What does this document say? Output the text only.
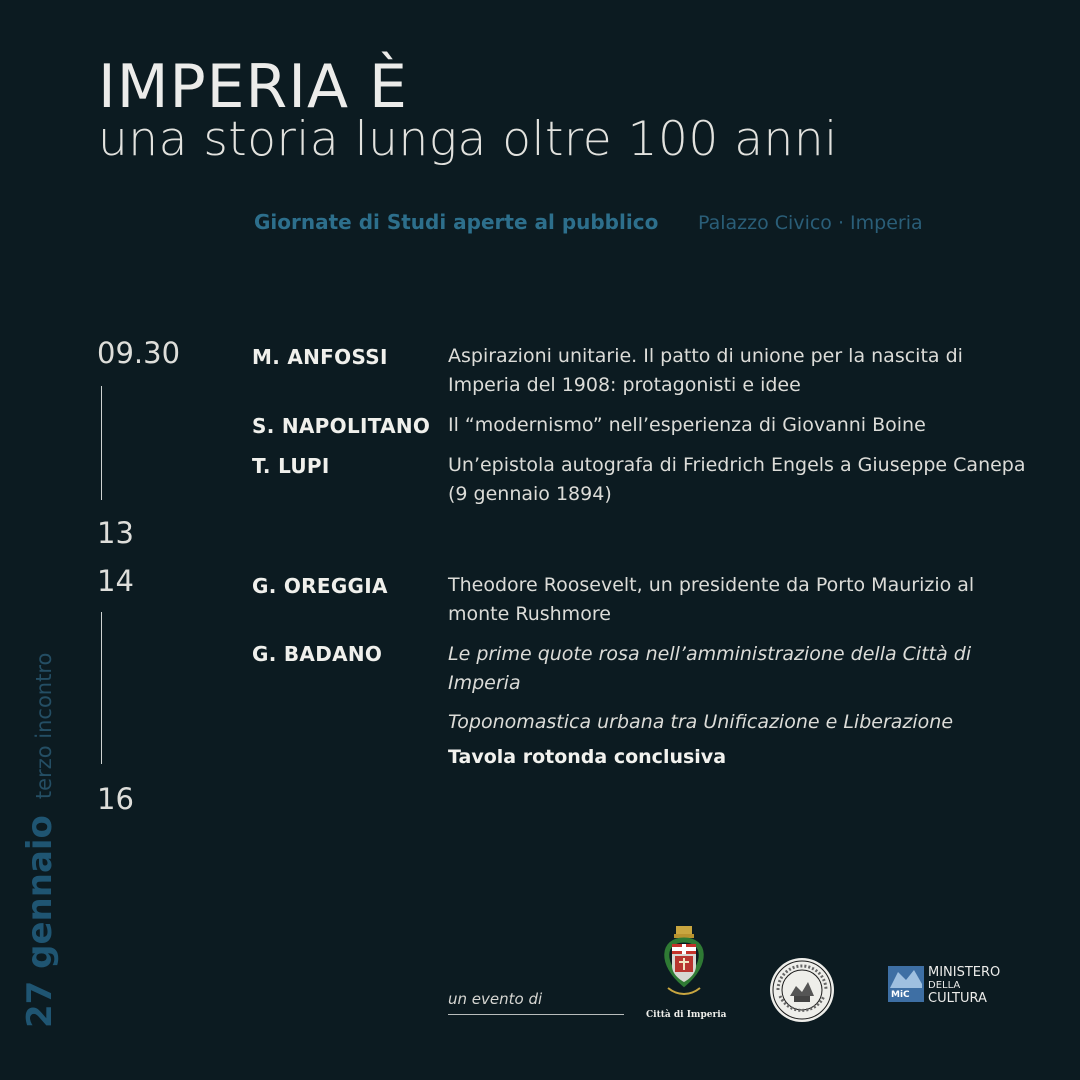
IMPERIA È
una storia lunga oltre 100 anni
Giornate di Studi aperte al pubblico Palazzo Civico · Imperia
09.30
13
14
16
M. ANFOSSI	Aspirazioni unitarie. Il patto di unione per la nascita di Imperia del 1908: protagonisti e idee
S. NAPOLITANO Il “modernismo” nell’esperienza di Giovanni Boine
T. LUPI	Un’epistola autografa di Friedrich Engels a Giuseppe Canepa (9 gennaio 1894)
G. OREGGIA	Theodore Roosevelt, un presidente da Porto Maurizio al monte Rushmore
G. BADANO	Le prime quote rosa nell’amministrazione della Città di Imperia
Toponomastica urbana tra Unificazione e Liberazione
Tavola rotonda conclusiva
27 gennaioterzo incontro
un evento di
Città di Imperia
MiC
MINISTERO
DELLA
CULTURA
